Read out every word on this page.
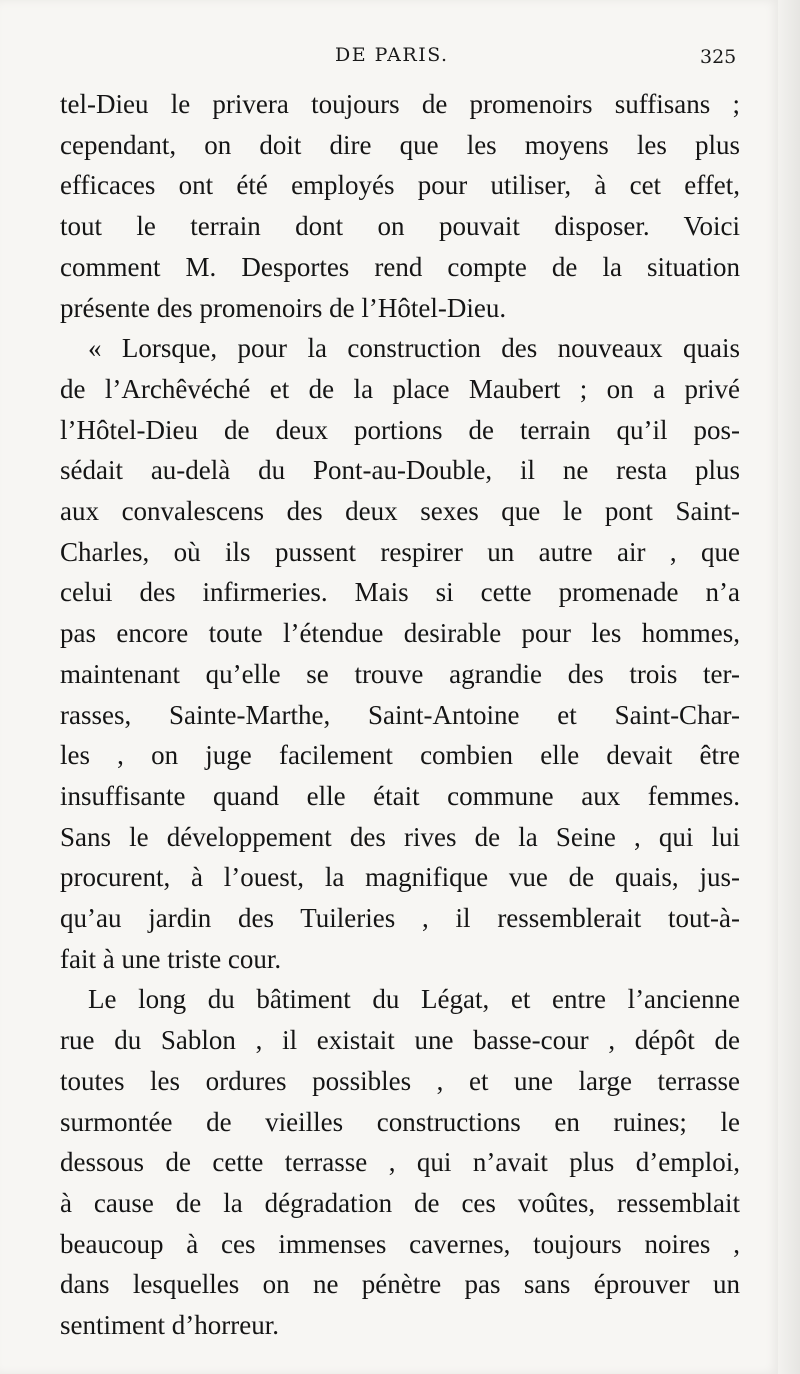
DE PARIS.	325
tel-Dieu le privera toujours de promenoirs suffisans ;
cependant, on doit dire que les moyens les plus
efficaces ont été employés pour utiliser, à cet effet,
tout le terrain dont on pouvait disposer. Voici
comment M. Desportes rend compte de la situation
présente des promenoirs de l’Hôtel-Dieu.
« Lorsque, pour la construction des nouveaux quais
de l’Archêvéché et de la place Maubert ; on a privé
l’Hôtel-Dieu de deux portions de terrain qu’il pos-
sédait au-delà du Pont-au-Double, il ne resta plus
aux convalescens des deux sexes que le pont Saint-
Charles, où ils pussent respirer un autre air , que
celui des infirmeries. Mais si cette promenade n’a
pas encore toute l’étendue desirable pour les hommes,
maintenant qu’elle se trouve agrandie des trois ter-
rasses, Sainte-Marthe, Saint-Antoine et Saint-Char-
les , on juge facilement combien elle devait être
insuffisante quand elle était commune aux femmes.
Sans le développement des rives de la Seine , qui lui
procurent, à l’ouest, la magnifique vue de quais, jus-
qu’au jardin des Tuileries , il ressemblerait tout-à-
fait à une triste cour.
Le long du bâtiment du Légat, et entre l’ancienne
rue du Sablon , il existait une basse-cour , dépôt de
toutes les ordures possibles , et une large terrasse
surmontée de vieilles constructions en ruines; le
dessous de cette terrasse , qui n’avait plus d’emploi,
à cause de la dégradation de ces voûtes, ressemblait
beaucoup à ces immenses cavernes, toujours noires ,
dans lesquelles on ne pénètre pas sans éprouver un
sentiment d’horreur.
